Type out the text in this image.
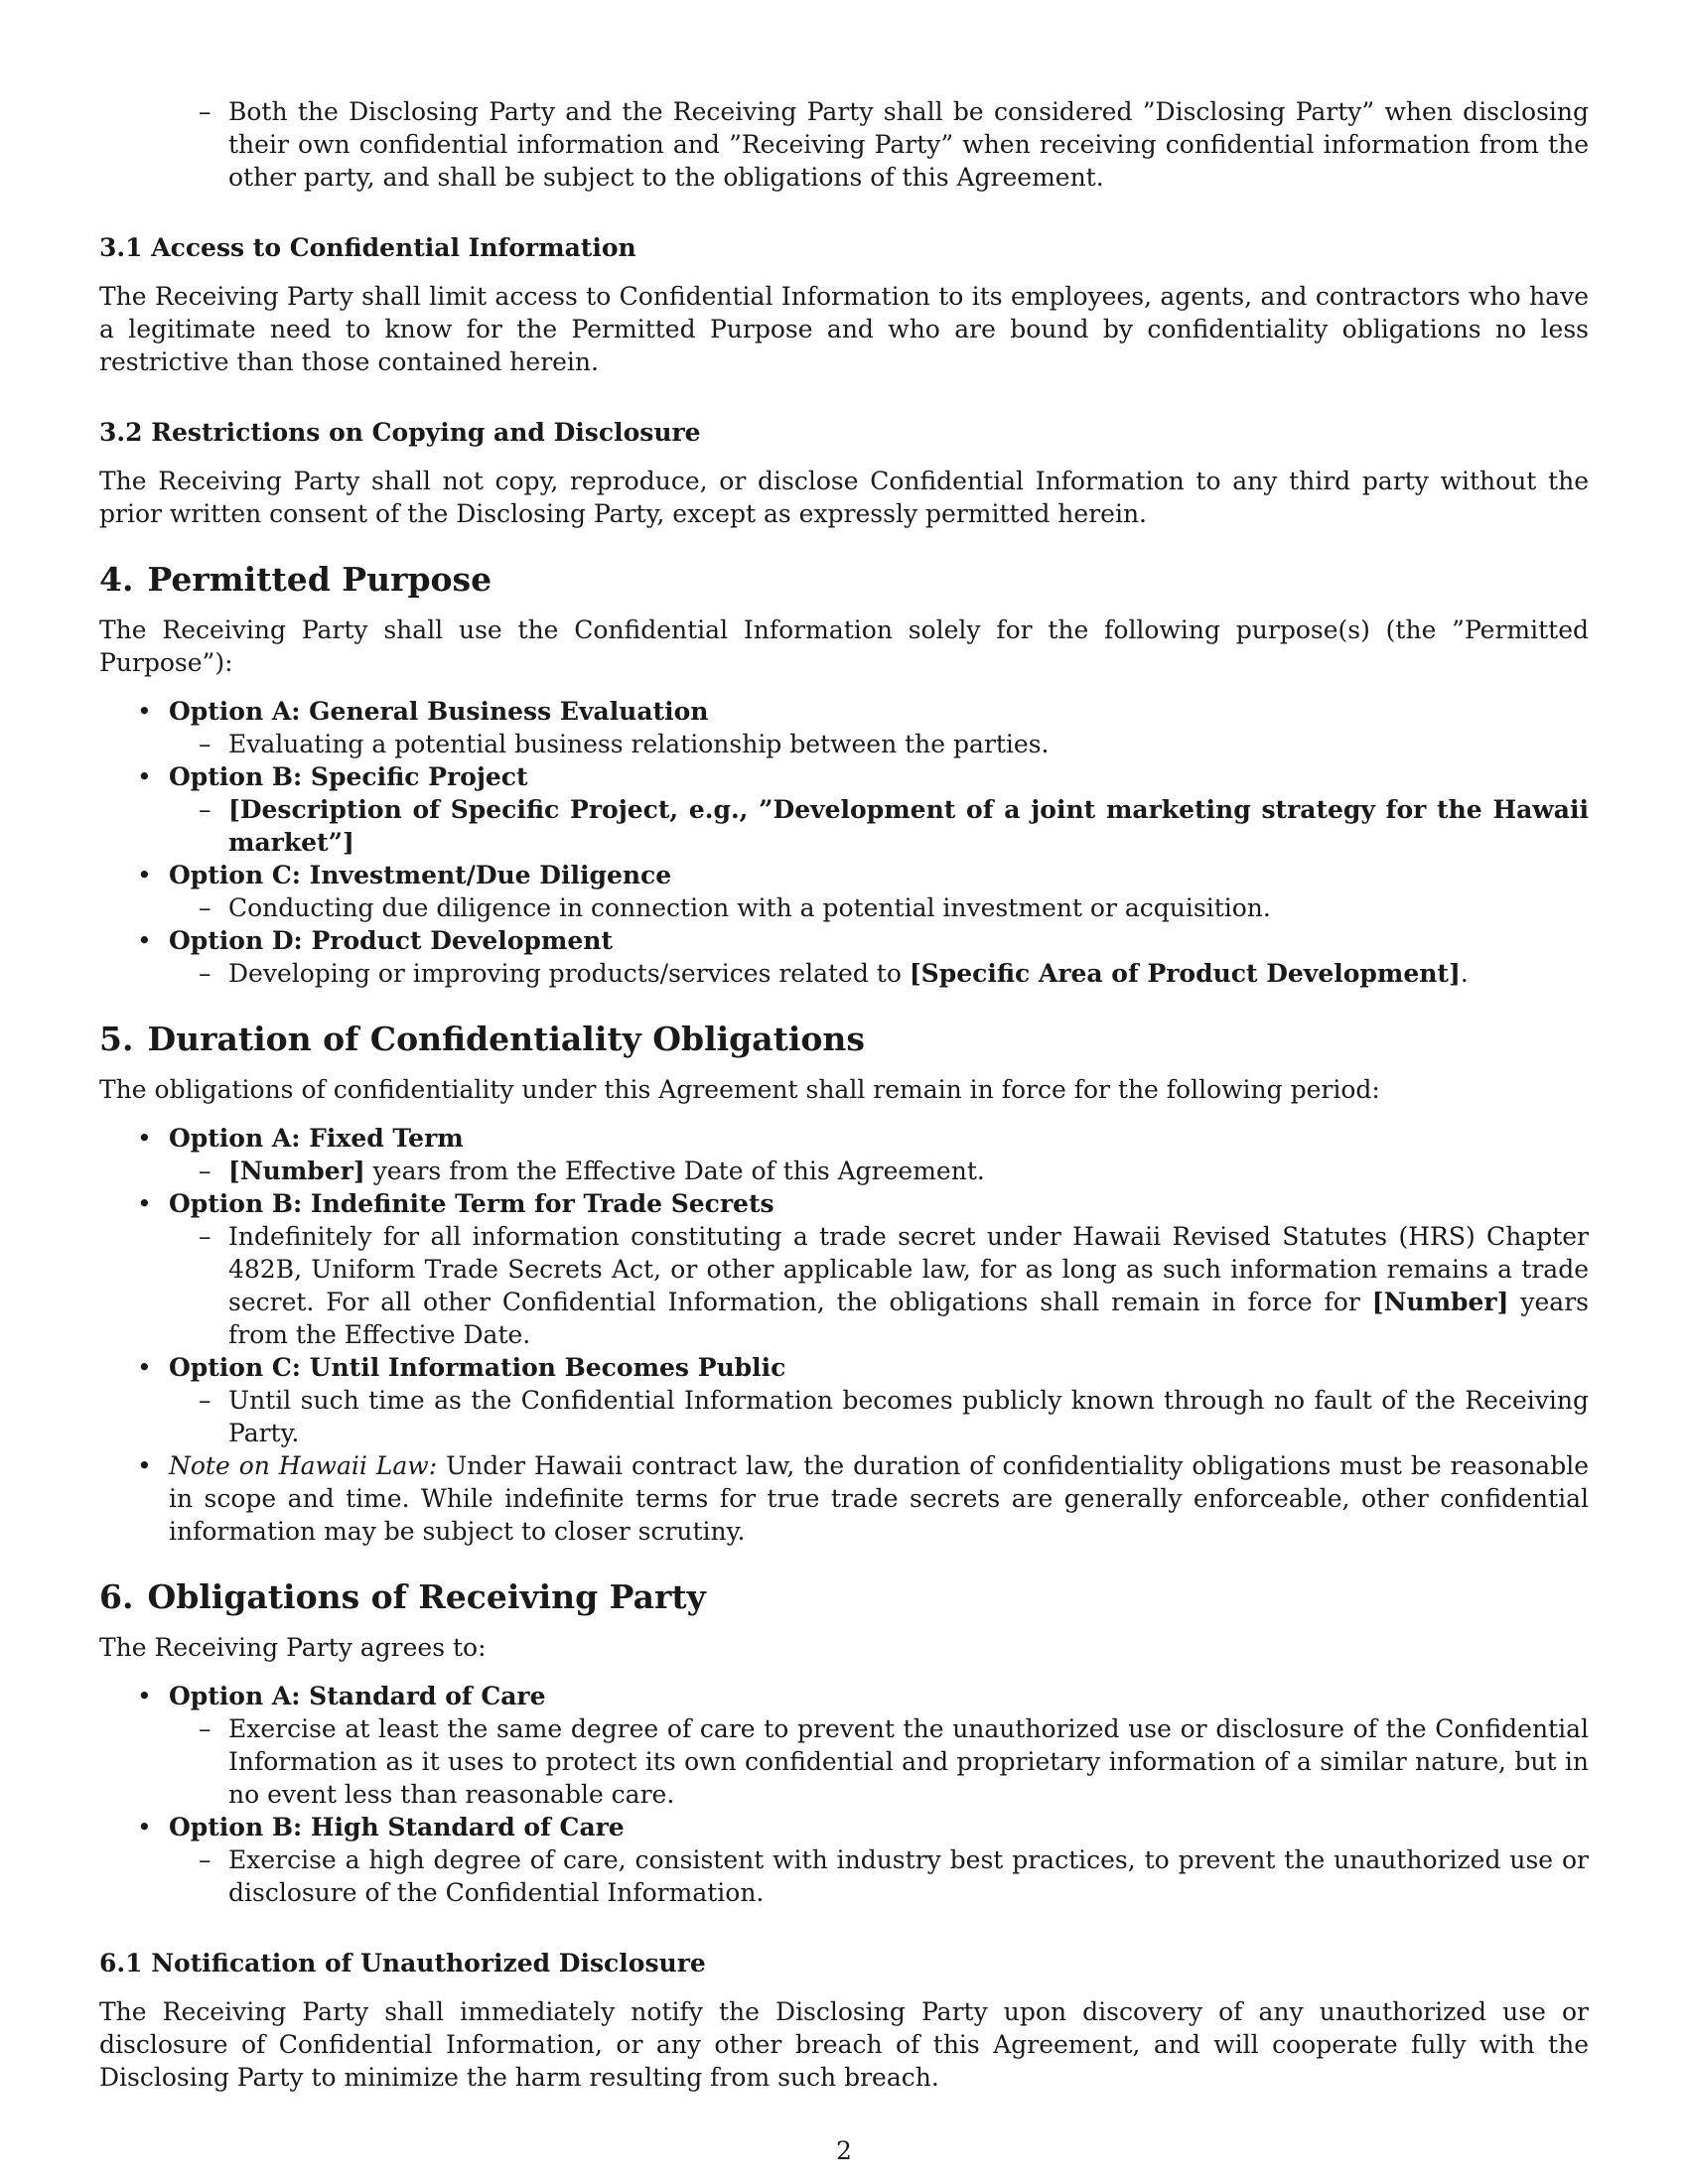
– Both the Disclosing Party and the Receiving Party shall be considered ”Disclosing Party” when disclosing their own confidential information and ”Receiving Party” when receiving confidential information from the other party, and shall be subject to the obligations of this Agreement.
3.1 Access to Confidential Information

The Receiving Party shall limit access to Confidential Information to its employees, agents, and contractors who have a legitimate need to know for the Permitted Purpose and who are bound by confidentiality obligations no less restrictive than those contained herein.

3.2 Restrictions on Copying and Disclosure

The Receiving Party shall not copy, reproduce, or disclose Confidential Information to any third party without the prior written consent of the Disclosing Party, except as expressly permitted herein.

4. Permitted Purpose

The Receiving Party shall use the Confidential Information solely for the following purpose(s) (the ”Permitted Purpose”):

• Option A: General Business Evaluation
– Evaluating a potential business relationship between the parties.
• Option B: Specific Project
– [Description of Specific Project, e.g., ”Development of a joint marketing strategy for the Hawaii market”]
• Option C: Investment/Due Diligence
– Conducting due diligence in connection with a potential investment or acquisition.
• Option D: Product Development
– Developing or improving products/services related to [Specific Area of Product Development].
5. Duration of Confidentiality Obligations

The obligations of confidentiality under this Agreement shall remain in force for the following period:

• Option A: Fixed Term
– [Number] years from the Effective Date of this Agreement.
• Option B: Indefinite Term for Trade Secrets
– Indefinitely for all information constituting a trade secret under Hawaii Revised Statutes (HRS) Chapter 482B, Uniform Trade Secrets Act, or other applicable law, for as long as such information remains a trade secret. For all other Confidential Information, the obligations shall remain in force for [Number] years from the Effective Date.
• Option C: Until Information Becomes Public
– Until such time as the Confidential Information becomes publicly known through no fault of the Receiving Party.
• Note on Hawaii Law: Under Hawaii contract law, the duration of confidentiality obligations must be reasonable in scope and time. While indefinite terms for true trade secrets are generally enforceable, other confidential information may be subject to closer scrutiny.
6. Obligations of Receiving Party

The Receiving Party agrees to:

• Option A: Standard of Care
– Exercise at least the same degree of care to prevent the unauthorized use or disclosure of the Confidential Information as it uses to protect its own confidential and proprietary information of a similar nature, but in no event less than reasonable care.
• Option B: High Standard of Care
– Exercise a high degree of care, consistent with industry best practices, to prevent the unauthorized use or disclosure of the Confidential Information.
6.1 Notification of Unauthorized Disclosure

The Receiving Party shall immediately notify the Disclosing Party upon discovery of any unauthorized use or disclosure of Confidential Information, or any other breach of this Agreement, and will cooperate fully with the Disclosing Party to minimize the harm resulting from such breach.

2
